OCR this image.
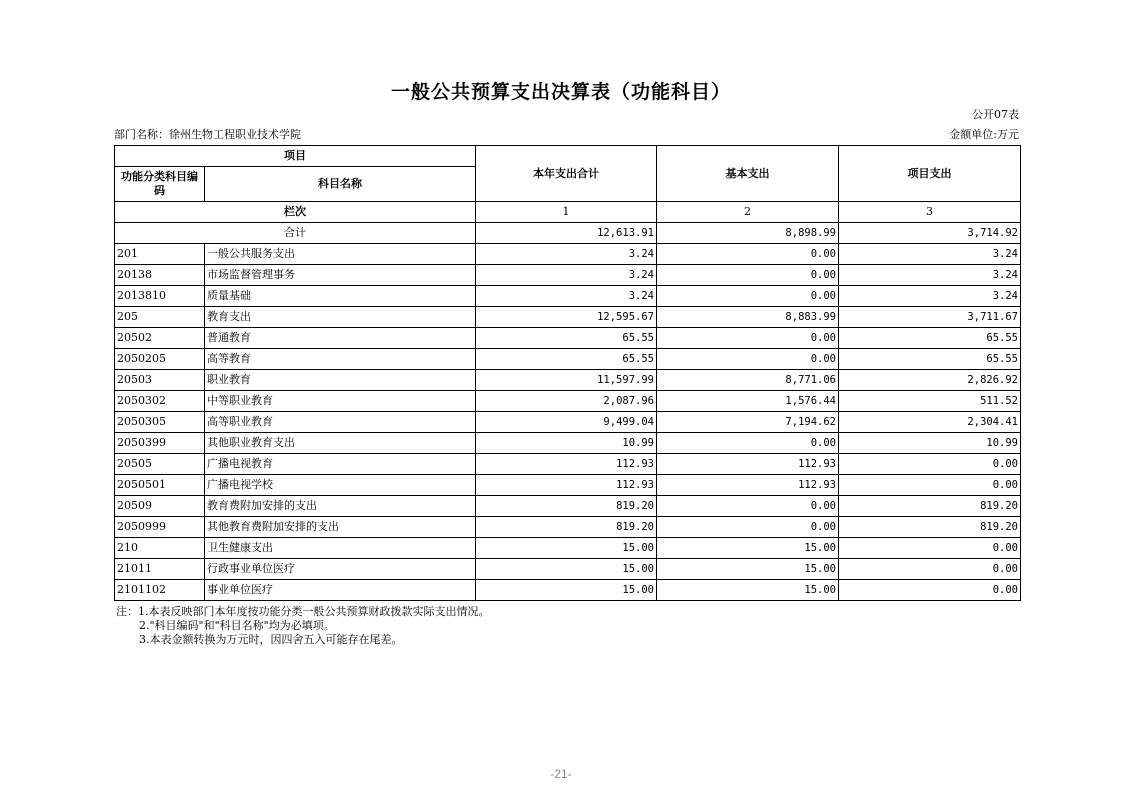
一般公共预算支出决算表（功能科目）
公开07表
部门名称：徐州生物工程职业技术学院	金额单位:万元
项目		本年支出合计	基本支出	项目支出
功能分类科目编码	科目名称			
栏次		1	2	3
合计		12,613.91	8,898.99	3,714.92
201	一般公共服务支出	3.24	0.00	3.24
20138	市场监督管理事务	3.24	0.00	3.24
2013810	质量基础	3.24	0.00	3.24
205	教育支出	12,595.67	8,883.99	3,711.67
20502	普通教育	65.55	0.00	65.55
2050205	高等教育	65.55	0.00	65.55
20503	职业教育	11,597.99	8,771.06	2,826.92
2050302	中等职业教育	2,087.96	1,576.44	511.52
2050305	高等职业教育	9,499.04	7,194.62	2,304.41
2050399	其他职业教育支出	10.99	0.00	10.99
20505	广播电视教育	112.93	112.93	0.00
2050501	广播电视学校	112.93	112.93	0.00
20509	教育费附加安排的支出	819.20	0.00	819.20
2050999	其他教育费附加安排的支出	819.20	0.00	819.20
210	卫生健康支出	15.00	15.00	0.00
21011	行政事业单位医疗	15.00	15.00	0.00
2101102	事业单位医疗	15.00	15.00	0.00
注：1.本表反映部门本年度按功能分类一般公共预算财政拨款实际支出情况。
2."科目编码"和"科目名称"均为必填项。
3.本表金额转换为万元时，因四舍五入可能存在尾差。
-21-
